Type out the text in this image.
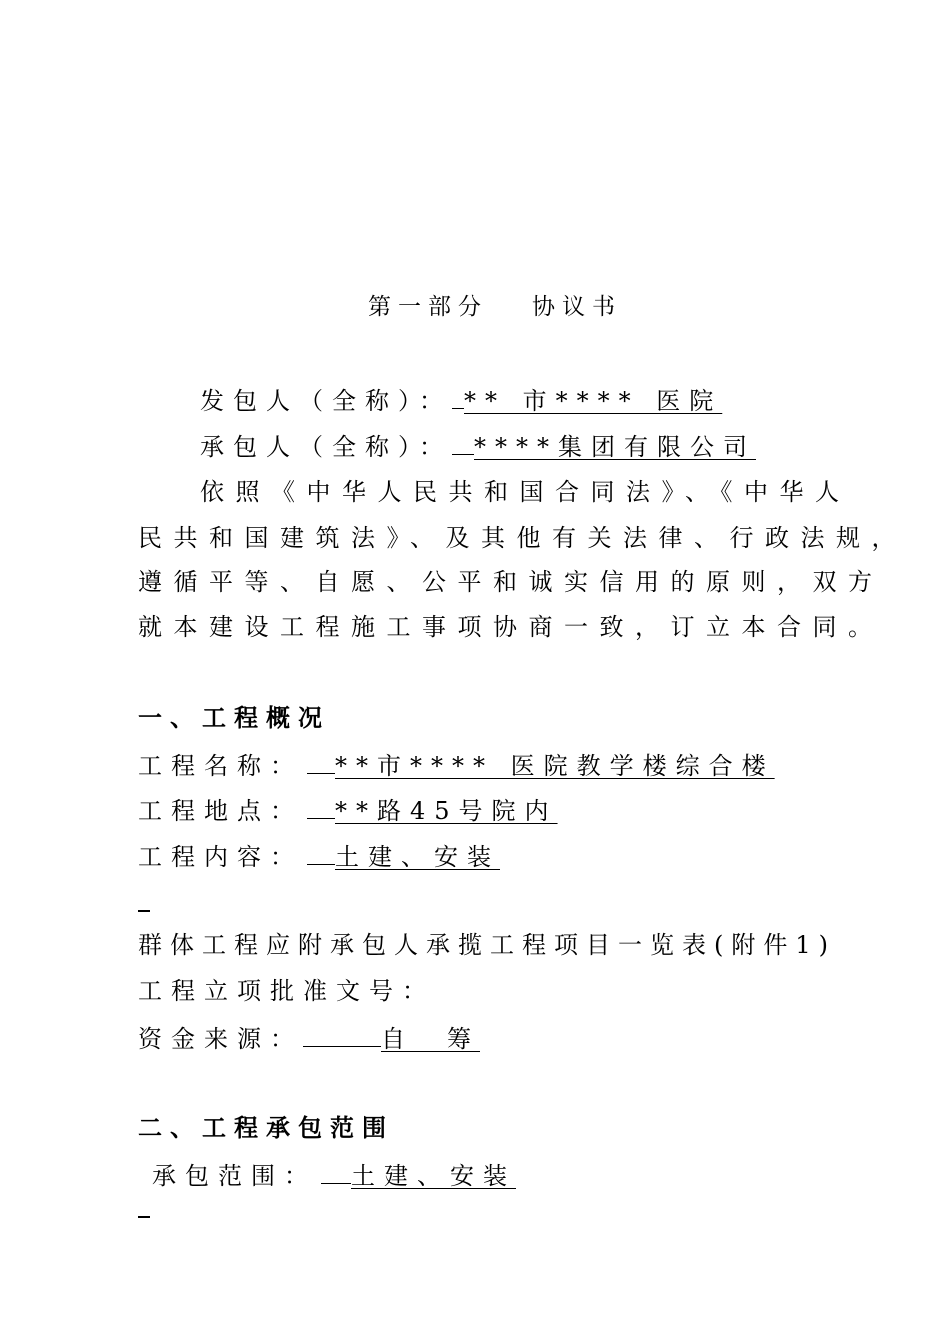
第一部分 协议书
发包人（全称）： ** 市**** 医院
承包人（全称）： ****集团有限公司
依照《中华人民共和国合同法》、《中华人
民共和国建筑法》、及其他有关法律、行政法规，
遵循平等、自愿、公平和诚实信用的原则，双方
就本建设工程施工事项协商一致，订立本合同。
一、工程概况
工程名称： **市**** 医院教学楼综合楼
工程地点： **路45号院内
工程内容： 土建、安装
群体工程应附承包人承揽工程项目一览表(附件1)
工程立项批准文号：
资金来源：	自　筹
二、工程承包范围
承包范围： 土建、安装
